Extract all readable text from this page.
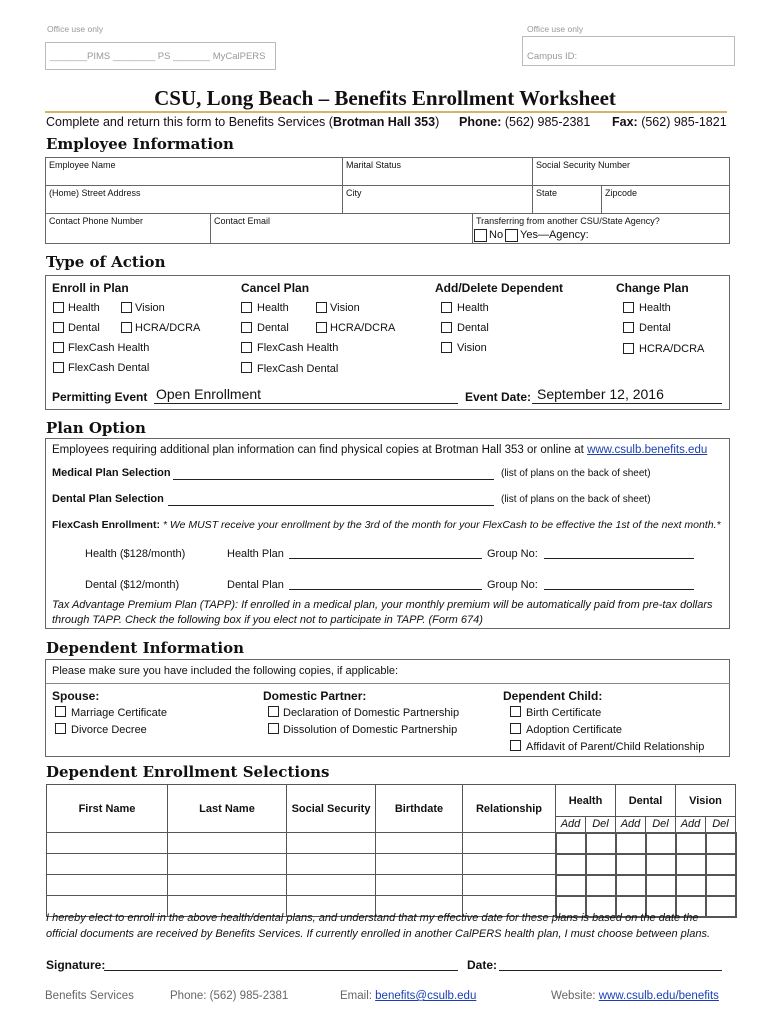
Office use only	Office use only
_______PIMS ________ PS _______ MyCalPERS	Campus ID:
CSU, Long Beach – Benefits Enrollment Worksheet
Complete and return this form to Benefits Services (Brotman Hall 353) Phone: (562) 985-2381 Fax: (562) 985-1821
Employee Information
Employee Name	Marital Status	Social Security Number
(Home) Street Address	City	State	Zipcode
Contact Phone Number	Contact Email	Transferring from another CSU/State Agency?
No Yes—Agency:
Type of Action
Enroll in Plan
Health	Vision
Dental	HCRA/DCRA
FlexCash Health
FlexCash Dental
Cancel Plan
Health	Vision
Dental	HCRA/DCRA
FlexCash Health
FlexCash Dental
Add/Delete Dependent
Health
Dental
Vision
Change Plan
Health
Dental
HCRA/DCRA
Permitting Event Open Enrollment	Event Date: September 12, 2016
Plan Option
Employees requiring additional plan information can find physical copies at Brotman Hall 353 or online at www.csulb.benefits.edu
Medical Plan Selection	(list of plans on the back of sheet)
Dental Plan Selection	(list of plans on the back of sheet)
FlexCash Enrollment: * We MUST receive your enrollment by the 3rd of the month for your FlexCash to be effective the 1st of the next month.*
Health ($128/month)	Health Plan	Group No:
Dental ($12/month)	Dental Plan	Group No:
Tax Advantage Premium Plan (TAPP): If enrolled in a medical plan, your monthly premium will be automatically paid from pre-tax dollars through TAPP. Check the following box if you elect not to participate in TAPP. (Form 674)
Dependent Information
Please make sure you have included the following copies, if applicable:
Spouse:
Marriage Certificate
Divorce Decree
Domestic Partner:
Declaration of Domestic Partnership
Dissolution of Domestic Partnership
Dependent Child:
Birth Certificate
Adoption Certificate
Affidavit of Parent/Child Relationship
Dependent Enrollment Selections
First Name	Last Name	Social Security	Birthdate	Relationship	Health		Dental		Vision	
					Add	Del	Add	Del	Add	Del

I hereby elect to enroll in the above health/dental plans, and understand that my effective date for these plans is based on the date the official documents are received by Benefits Services. If currently enrolled in another CalPERS health plan, I must choose between plans.
Signature:	Date:
Benefits Services	Phone: (562) 985-2381	Email: benefits@csulb.edu	Website: www.csulb.edu/benefits
